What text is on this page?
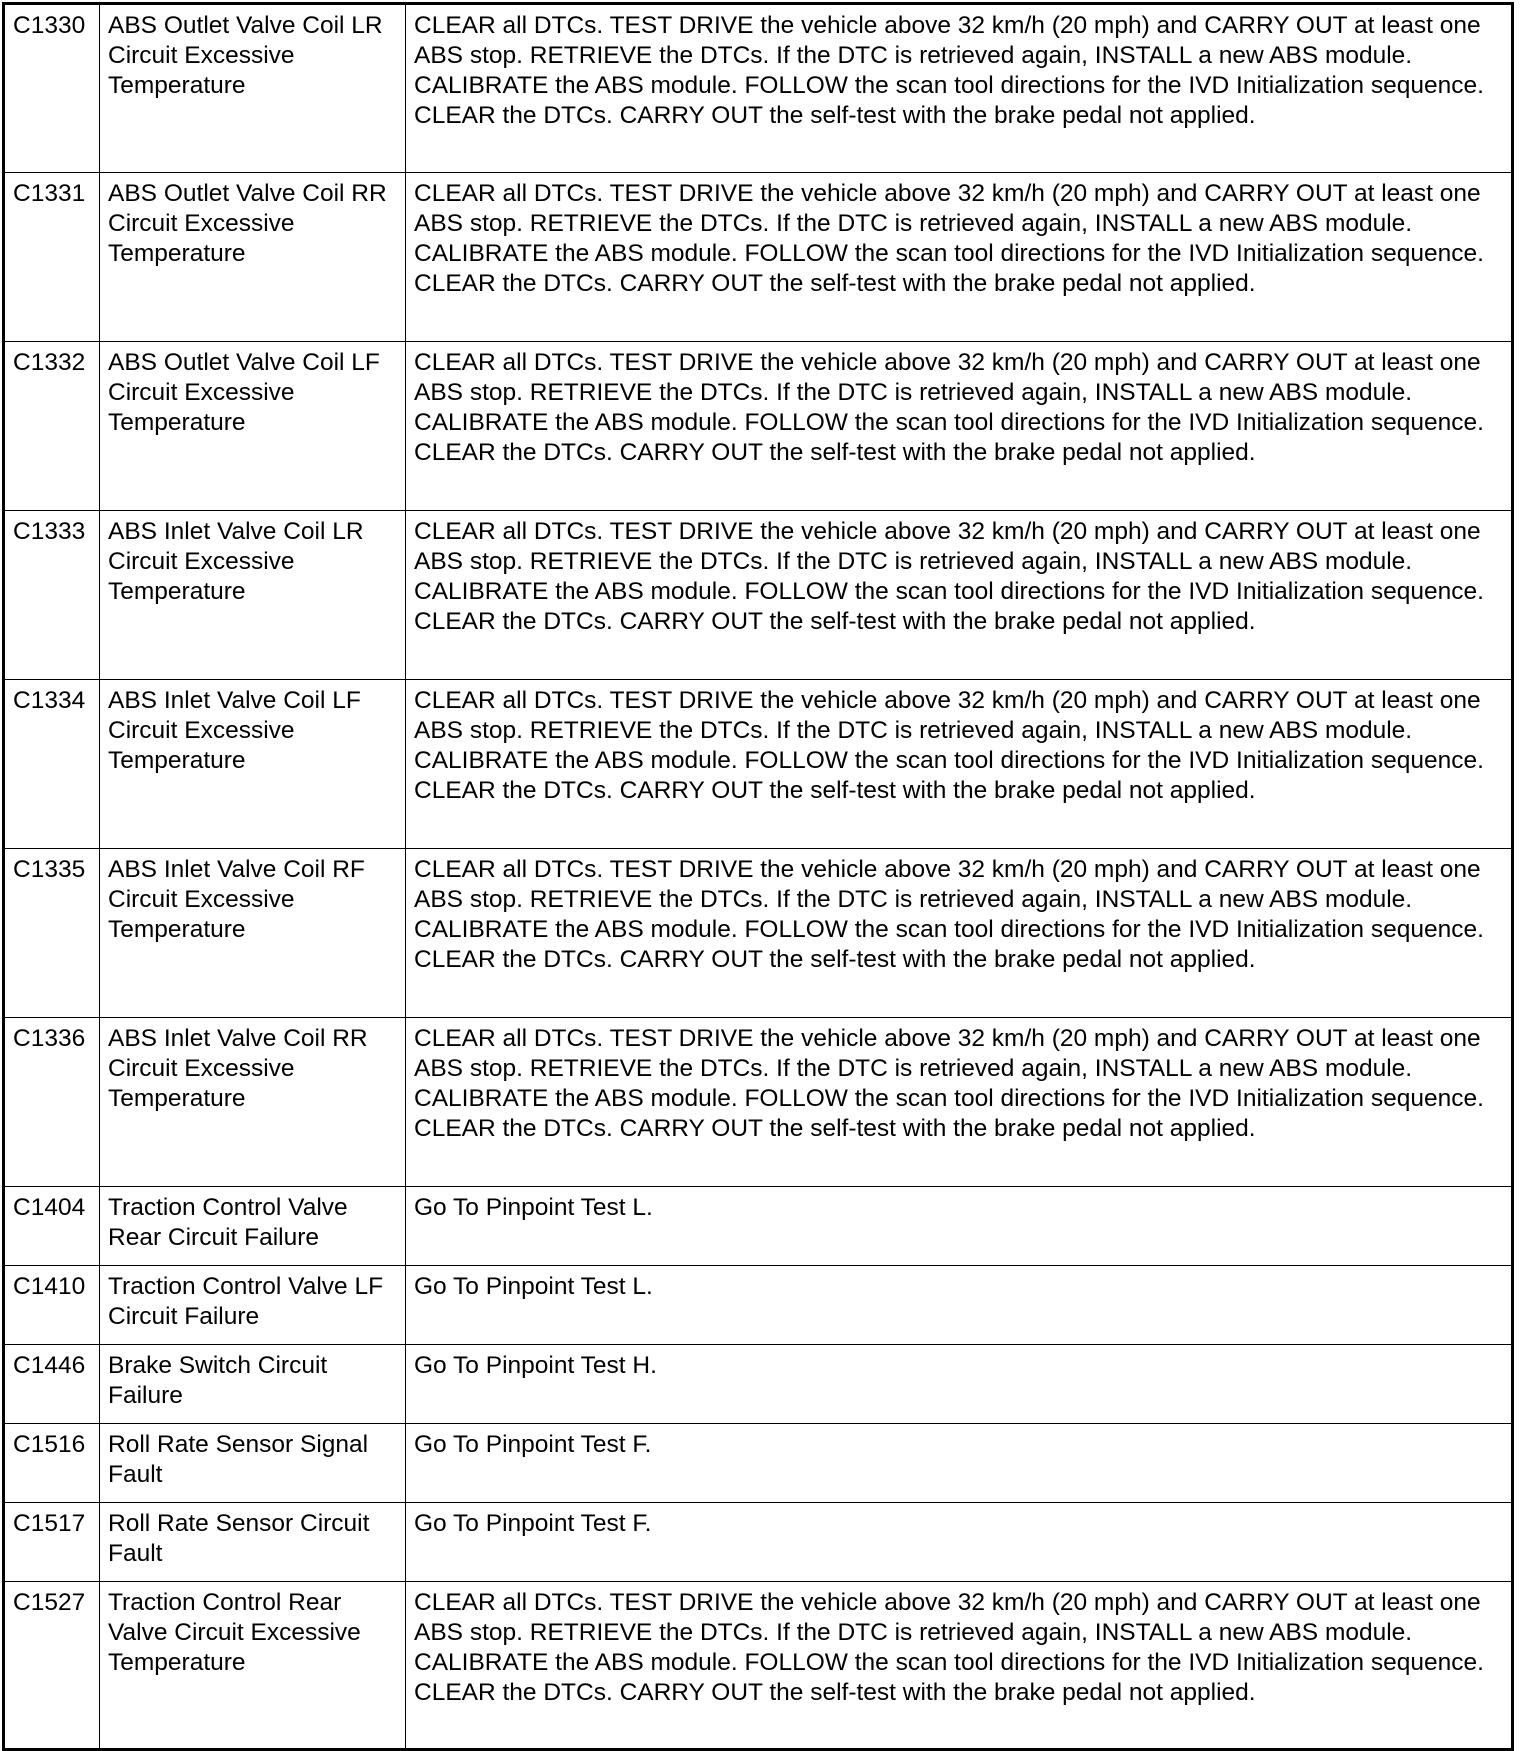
C1330	ABS Outlet Valve Coil LR Circuit Excessive Temperature	CLEAR all DTCs. TEST DRIVE the vehicle above 32 km/h (20 mph) and CARRY OUT at least one ABS stop. RETRIEVE the DTCs. If the DTC is retrieved again, INSTALL a new ABS module. CALIBRATE the ABS module. FOLLOW the scan tool directions for the IVD Initialization sequence. CLEAR the DTCs. CARRY OUT the self-test with the brake pedal not applied.
C1331	ABS Outlet Valve Coil RR Circuit Excessive Temperature	CLEAR all DTCs. TEST DRIVE the vehicle above 32 km/h (20 mph) and CARRY OUT at least one ABS stop. RETRIEVE the DTCs. If the DTC is retrieved again, INSTALL a new ABS module. CALIBRATE the ABS module. FOLLOW the scan tool directions for the IVD Initialization sequence. CLEAR the DTCs. CARRY OUT the self-test with the brake pedal not applied.
C1332	ABS Outlet Valve Coil LF Circuit Excessive Temperature	CLEAR all DTCs. TEST DRIVE the vehicle above 32 km/h (20 mph) and CARRY OUT at least one ABS stop. RETRIEVE the DTCs. If the DTC is retrieved again, INSTALL a new ABS module. CALIBRATE the ABS module. FOLLOW the scan tool directions for the IVD Initialization sequence. CLEAR the DTCs. CARRY OUT the self-test with the brake pedal not applied.
C1333	ABS Inlet Valve Coil LR Circuit Excessive Temperature	CLEAR all DTCs. TEST DRIVE the vehicle above 32 km/h (20 mph) and CARRY OUT at least one ABS stop. RETRIEVE the DTCs. If the DTC is retrieved again, INSTALL a new ABS module. CALIBRATE the ABS module. FOLLOW the scan tool directions for the IVD Initialization sequence. CLEAR the DTCs. CARRY OUT the self-test with the brake pedal not applied.
C1334	ABS Inlet Valve Coil LF Circuit Excessive Temperature	CLEAR all DTCs. TEST DRIVE the vehicle above 32 km/h (20 mph) and CARRY OUT at least one ABS stop. RETRIEVE the DTCs. If the DTC is retrieved again, INSTALL a new ABS module. CALIBRATE the ABS module. FOLLOW the scan tool directions for the IVD Initialization sequence. CLEAR the DTCs. CARRY OUT the self-test with the brake pedal not applied.
C1335	ABS Inlet Valve Coil RF Circuit Excessive Temperature	CLEAR all DTCs. TEST DRIVE the vehicle above 32 km/h (20 mph) and CARRY OUT at least one ABS stop. RETRIEVE the DTCs. If the DTC is retrieved again, INSTALL a new ABS module. CALIBRATE the ABS module. FOLLOW the scan tool directions for the IVD Initialization sequence. CLEAR the DTCs. CARRY OUT the self-test with the brake pedal not applied.
C1336	ABS Inlet Valve Coil RR Circuit Excessive Temperature	CLEAR all DTCs. TEST DRIVE the vehicle above 32 km/h (20 mph) and CARRY OUT at least one ABS stop. RETRIEVE the DTCs. If the DTC is retrieved again, INSTALL a new ABS module. CALIBRATE the ABS module. FOLLOW the scan tool directions for the IVD Initialization sequence. CLEAR the DTCs. CARRY OUT the self-test with the brake pedal not applied.
C1404	Traction Control Valve Rear Circuit Failure	Go To Pinpoint Test L.
C1410	Traction Control Valve LF Circuit Failure	Go To Pinpoint Test L.
C1446	Brake Switch Circuit Failure	Go To Pinpoint Test H.
C1516	Roll Rate Sensor Signal Fault	Go To Pinpoint Test F.
C1517	Roll Rate Sensor Circuit Fault	Go To Pinpoint Test F.
C1527	Traction Control Rear Valve Circuit Excessive Temperature	CLEAR all DTCs. TEST DRIVE the vehicle above 32 km/h (20 mph) and CARRY OUT at least one ABS stop. RETRIEVE the DTCs. If the DTC is retrieved again, INSTALL a new ABS module. CALIBRATE the ABS module. FOLLOW the scan tool directions for the IVD Initialization sequence. CLEAR the DTCs. CARRY OUT the self-test with the brake pedal not applied.
